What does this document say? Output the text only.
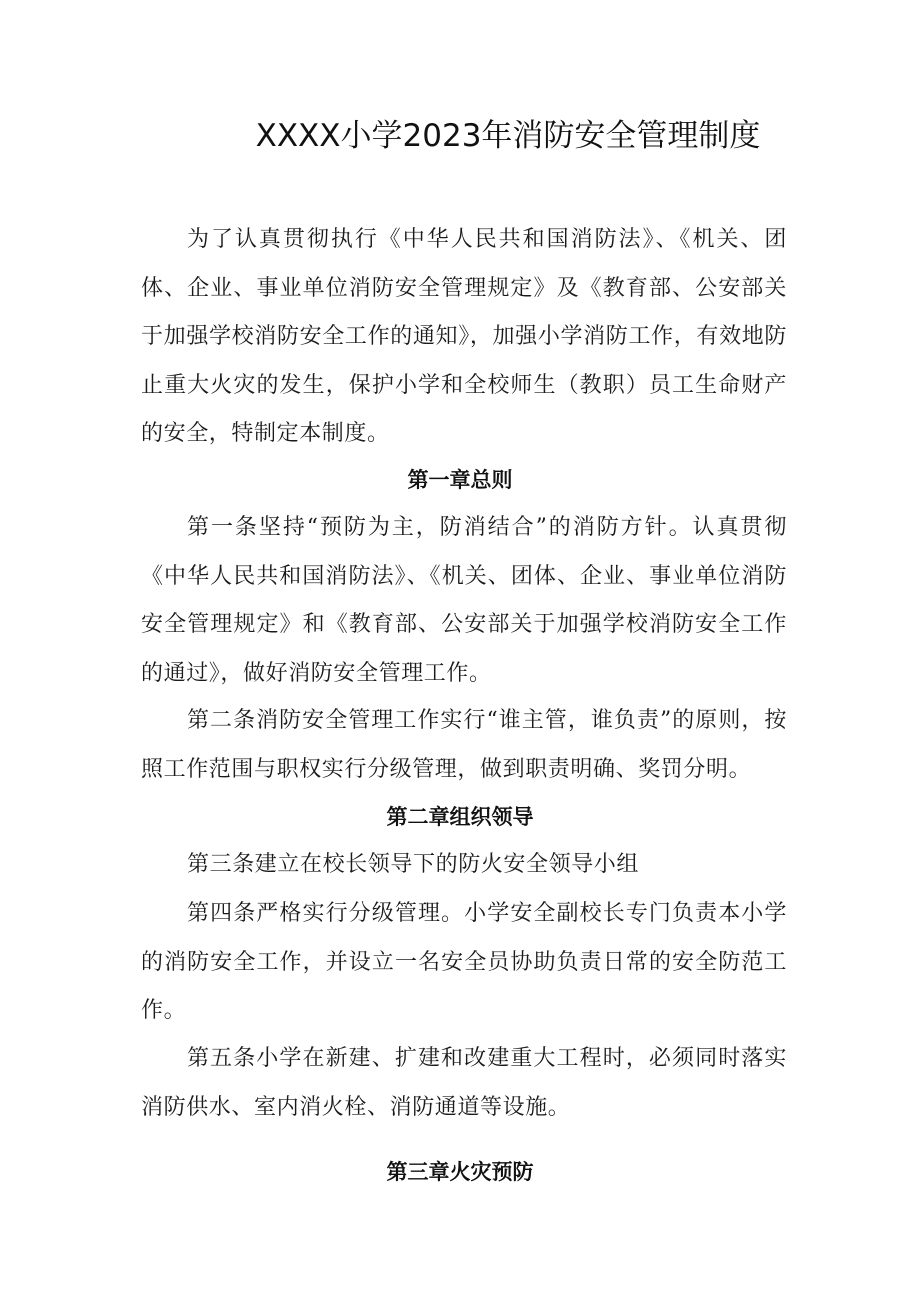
XXXX小学2023年消防安全管理制度

为了认真贯彻执行《中华人民共和国消防法》、《机关、团体、企业、事业单位消防安全管理规定》及《教育部、公安部关于加强学校消防安全工作的通知》，加强小学消防工作，有效地防止重大火灾的发生，保护小学和全校师生（教职）员工生命财产的安全，特制定本制度。

第一章总则

第一条坚持“预防为主，防消结合”的消防方针。认真贯彻《中华人民共和国消防法》、《机关、团体、企业、事业单位消防安全管理规定》和《教育部、公安部关于加强学校消防安全工作的通过》，做好消防安全管理工作。

第二条消防安全管理工作实行“谁主管，谁负责”的原则，按照工作范围与职权实行分级管理，做到职责明确、奖罚分明。

第二章组织领导

第三条建立在校长领导下的防火安全领导小组

第四条严格实行分级管理。小学安全副校长专门负责本小学的消防安全工作，并设立一名安全员协助负责日常的安全防范工作。

第五条小学在新建、扩建和改建重大工程时，必须同时落实消防供水、室内消火栓、消防通道等设施。

第三章火灾预防
